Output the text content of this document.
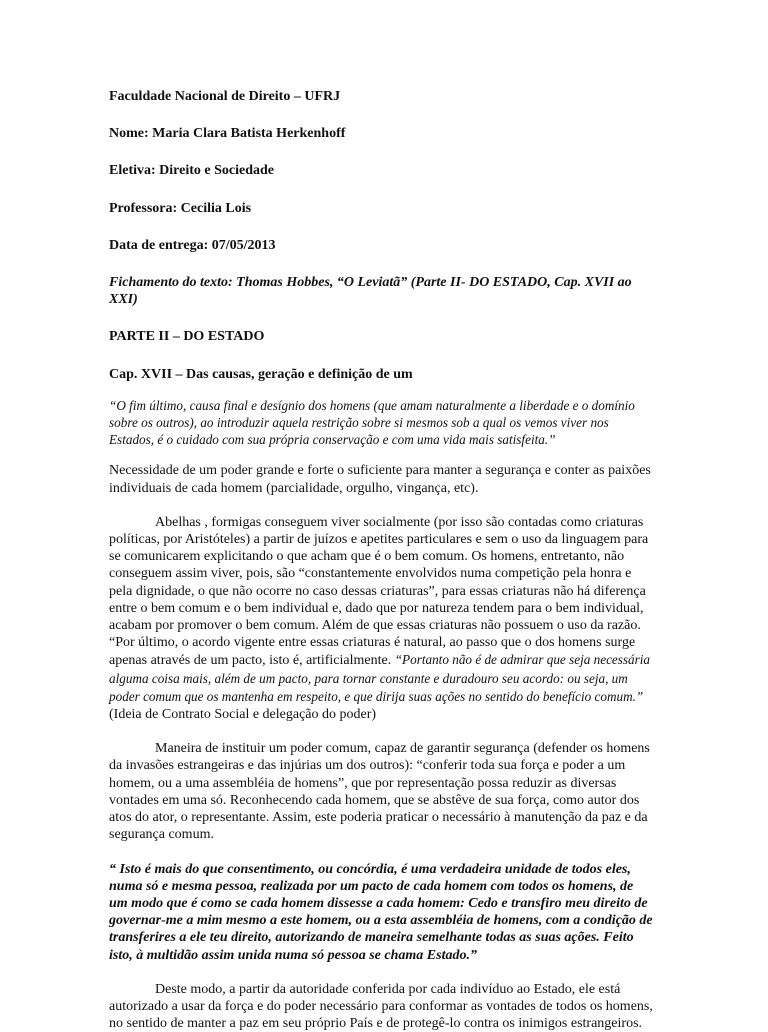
Faculdade Nacional de Direito – UFRJ

Nome: Maria Clara Batista Herkenhoff

Eletiva: Direito e Sociedade

Professora: Cecilia Lois

Data de entrega: 07/05/2013

Fichamento do texto: Thomas Hobbes, “O Leviatã” (Parte II- DO ESTADO, Cap. XVII ao XXI)

PARTE II – DO ESTADO

Cap. XVII – Das causas, geração e definição de um

“O fim último, causa final e desígnio dos homens (que amam naturalmente a liberdade e o domínio sobre os outros), ao introduzir aquela restrição sobre si mesmos sob a qual os vemos viver nos Estados, é o cuidado com sua própria conservação e com uma vida mais satisfeita.”

Necessidade de um poder grande e forte o suficiente para manter a segurança e conter as paixões individuais de cada homem (parcialidade, orgulho, vingança, etc).

Abelhas , formigas conseguem viver socialmente (por isso são contadas como criaturas políticas, por Aristóteles) a partir de juízos e apetites particulares e sem o uso da linguagem para se comunicarem explicitando o que acham que é o bem comum. Os homens, entretanto, não conseguem assim viver, pois, são “constantemente envolvidos numa competição pela honra e pela dignidade, o que não ocorre no caso dessas criaturas”, para essas criaturas não há diferença entre o bem comum e o bem individual e, dado que por natureza tendem para o bem individual, acabam por promover o bem comum. Além de que essas criaturas não possuem o uso da razão. “Por último, o acordo vigente entre essas criaturas é natural, ao passo que o dos homens surge apenas através de um pacto, isto é, artificialmente. “Portanto não é de admirar que seja necessária alguma coisa mais, além de um pacto, para tornar constante e duradouro seu acordo: ou seja, um poder comum que os mantenha em respeito, e que dirija suas ações no sentido do benefício comum.” (Ideia de Contrato Social e delegação do poder)

Maneira de instituir um poder comum, capaz de garantir segurança (defender os homens da invasões estrangeiras e das injúrias um dos outros): “conferir toda sua força e poder a um homem, ou a uma assembléia de homens”, que por representação possa reduzir as diversas vontades em uma só. Reconhecendo cada homem, que se abstêve de sua força, como autor dos atos do ator, o representante. Assim, este poderia praticar o necessário à manutenção da paz e da segurança comum.

“ Isto é mais do que consentimento, ou concórdia, é uma verdadeira unidade de todos eles, numa só e mesma pessoa, realizada por um pacto de cada homem com todos os homens, de um modo que é como se cada homem dissesse a cada homem: Cedo e transfiro meu direito de governar-me a mim mesmo a este homem, ou a esta assembléia de homens, com a condição de transferires a ele teu direito, autorizando de maneira semelhante todas as suas ações. Feito isto, à multidão assim unida numa só pessoa se chama Estado.”

Deste modo, a partir da autoridade conferida por cada indivíduo ao Estado, ele está autorizado a usar da força e do poder necessário para conformar as vontades de todos os homens, no sentido de manter a paz em seu próprio País e de protegê-lo contra os inimigos estrangeiros.
